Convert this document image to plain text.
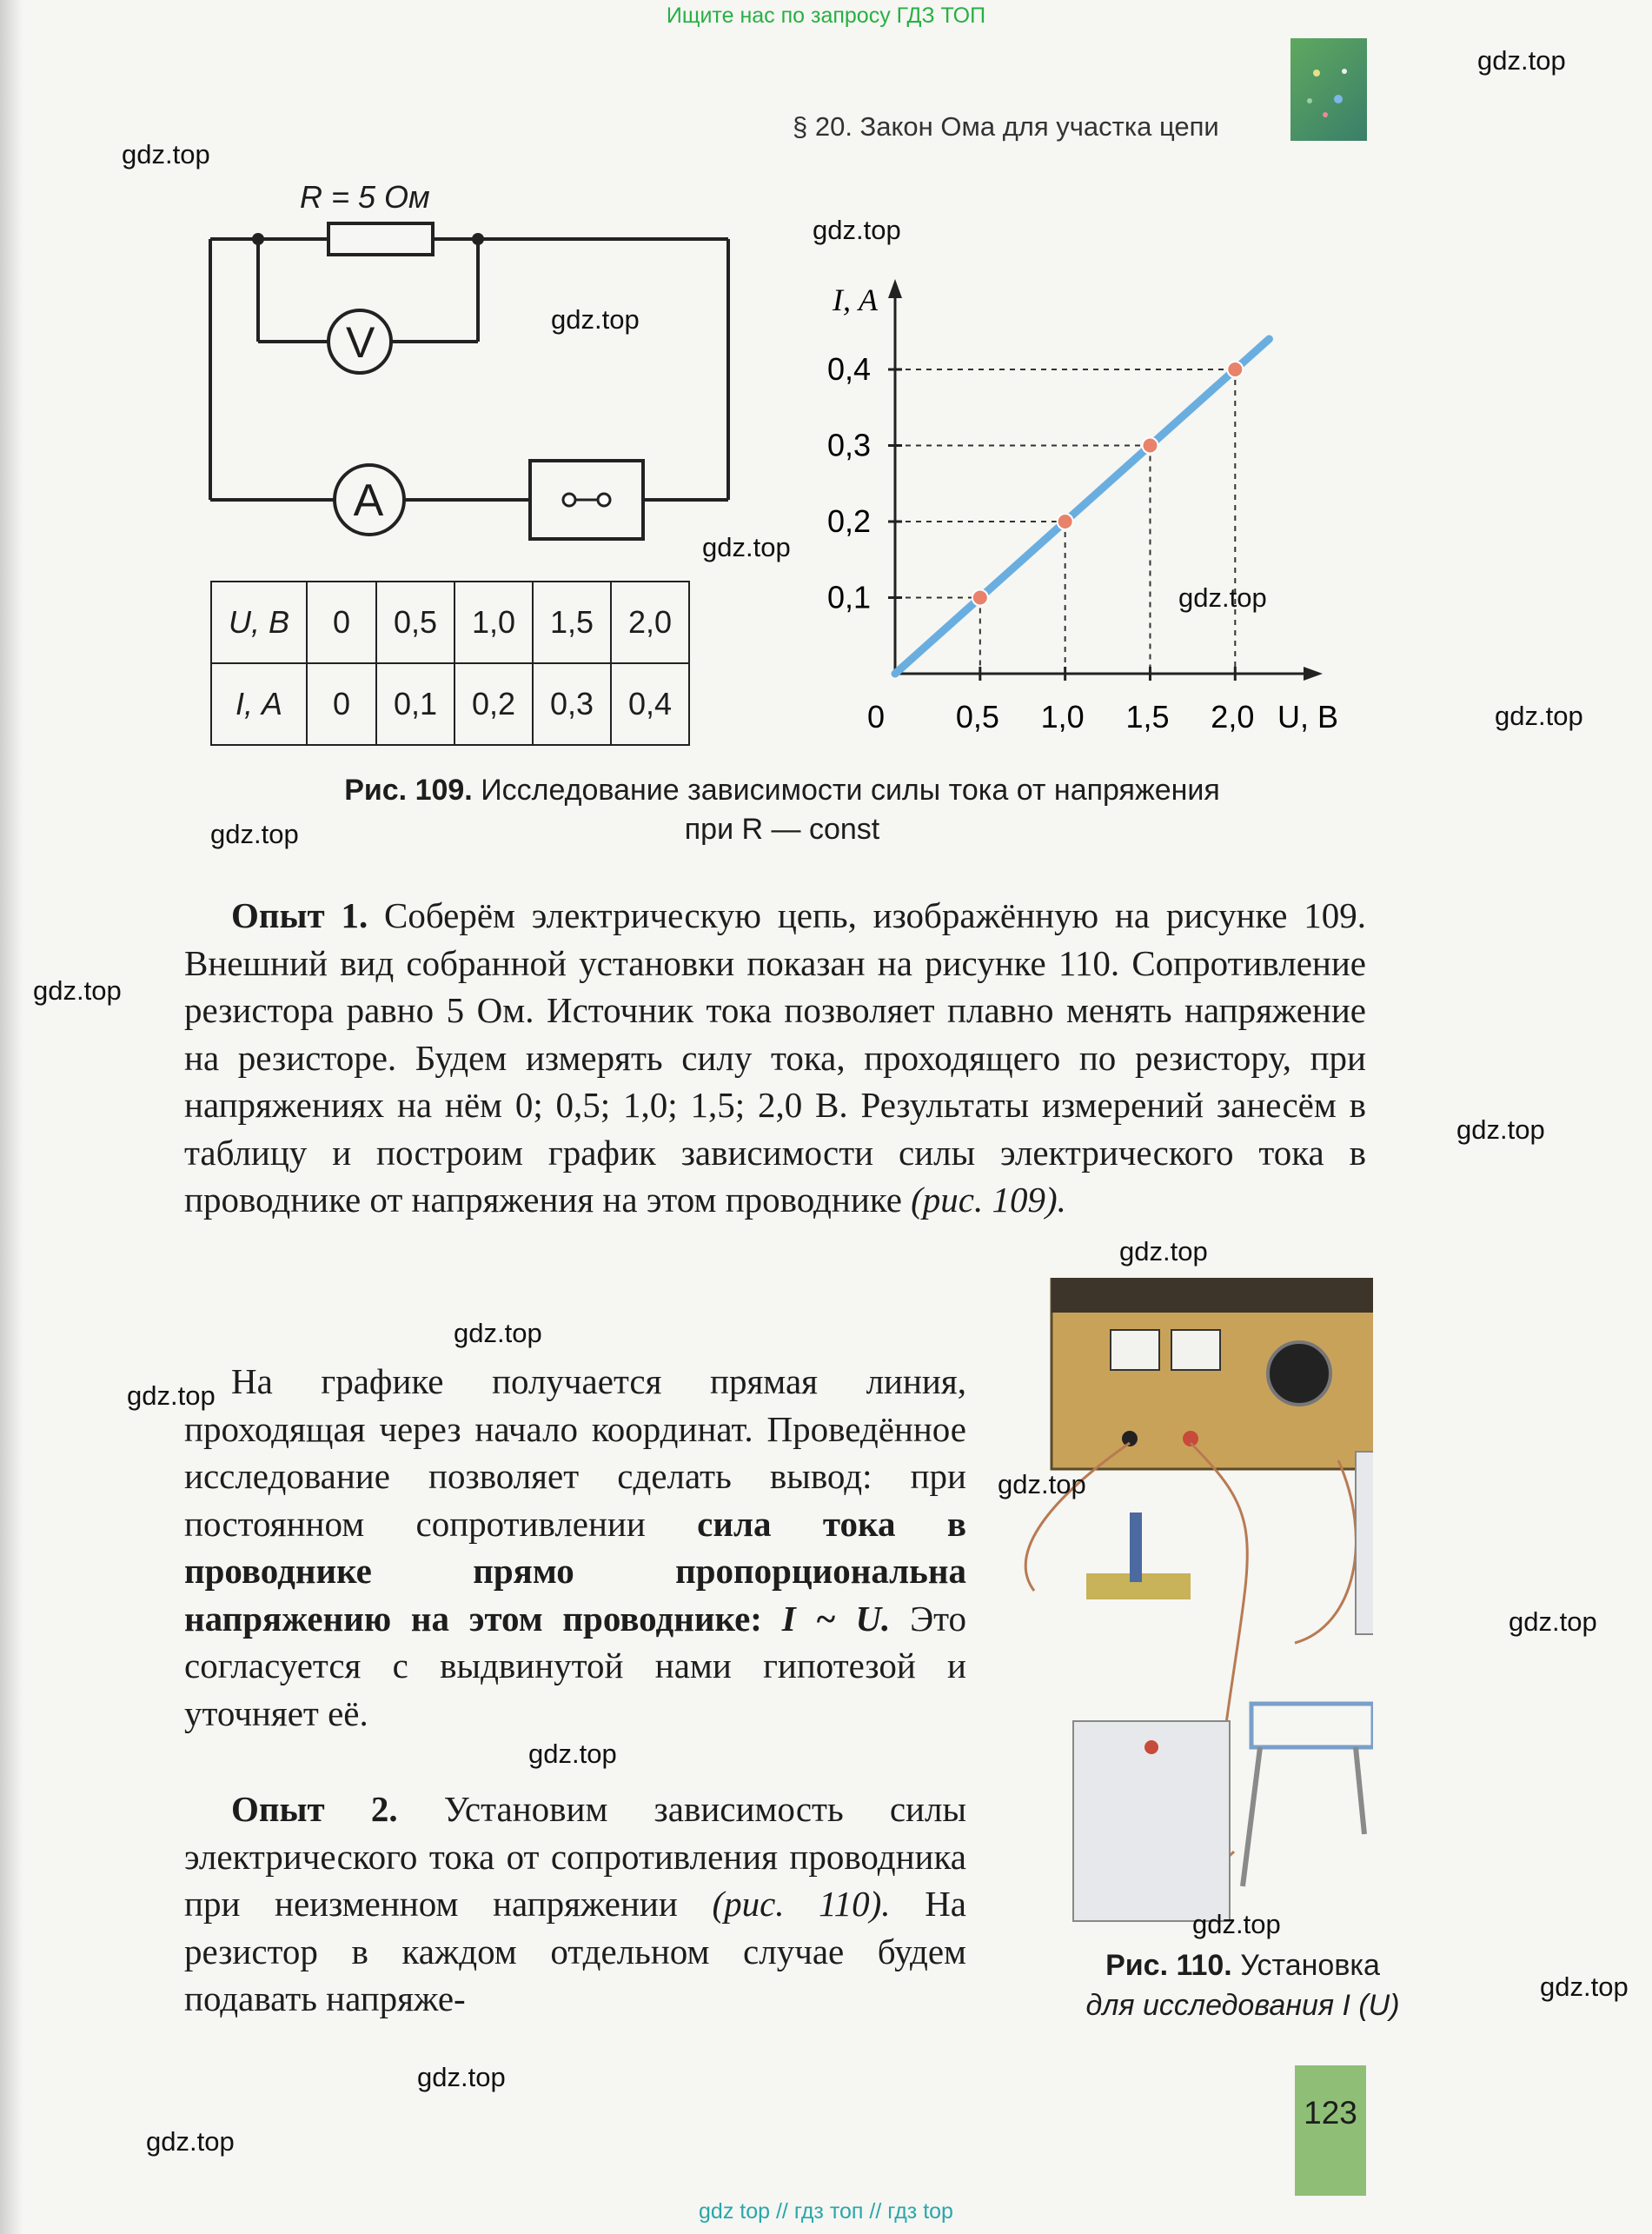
Ищите нас по запросу ГДЗ ТОП
gdz top // гдз топ // гдз top
§ 20. Закон Ома для участка цепи
R = 5 Ом
V
A
U, В	0	0,5	1,0	1,5	2,0
I, А	0	0,1	0,2	0,3	0,4
I, А
U, В
0 0,5 1,0 1,5 2,0
0,1
0,2
0,3
0,4
Рис. 109. Исследование зависимости силы тока от напряжения
при R — const

Опыт 1. Соберём электрическую цепь, изображённую на рисунке 109. Внешний вид собранной установки показан на рисунке 110. Сопротивление резистора равно 5 Ом. Источник тока позволяет плавно менять напряжение на резисторе. Будем измерять силу тока, проходящего по резистору, при напряжениях на нём 0; 0,5; 1,0; 1,5; 2,0 В. Результаты измерений занесём в таблицу и построим график зависимости силы электрического тока в проводнике от напряжения на этом проводнике (рис. 109).

На графике получается прямая линия, проходящая через начало координат. Проведённое исследование позволяет сделать вывод: при постоянном сопротивлении сила тока в проводнике прямо пропорциональна напряжению на этом проводнике: I ~ U. Это согласуется с выдвинутой нами гипотезой и уточняет её.

Опыт 2. Установим зависимость силы электрического тока от сопротивления проводника при неизменном напряжении (рис. 110). На резистор в каждом отдельном случае будем подавать напряже-

Рис. 110. Установка
для исследования I (U)
123
gdz.top
gdz.top
gdz.top
gdz.top
gdz.top
gdz.top
gdz.top
gdz.top
gdz.top
gdz.top
gdz.top
gdz.top
gdz.top
gdz.top
gdz.top
gdz.top
gdz.top
gdz.top
gdz.top
gdz.top
